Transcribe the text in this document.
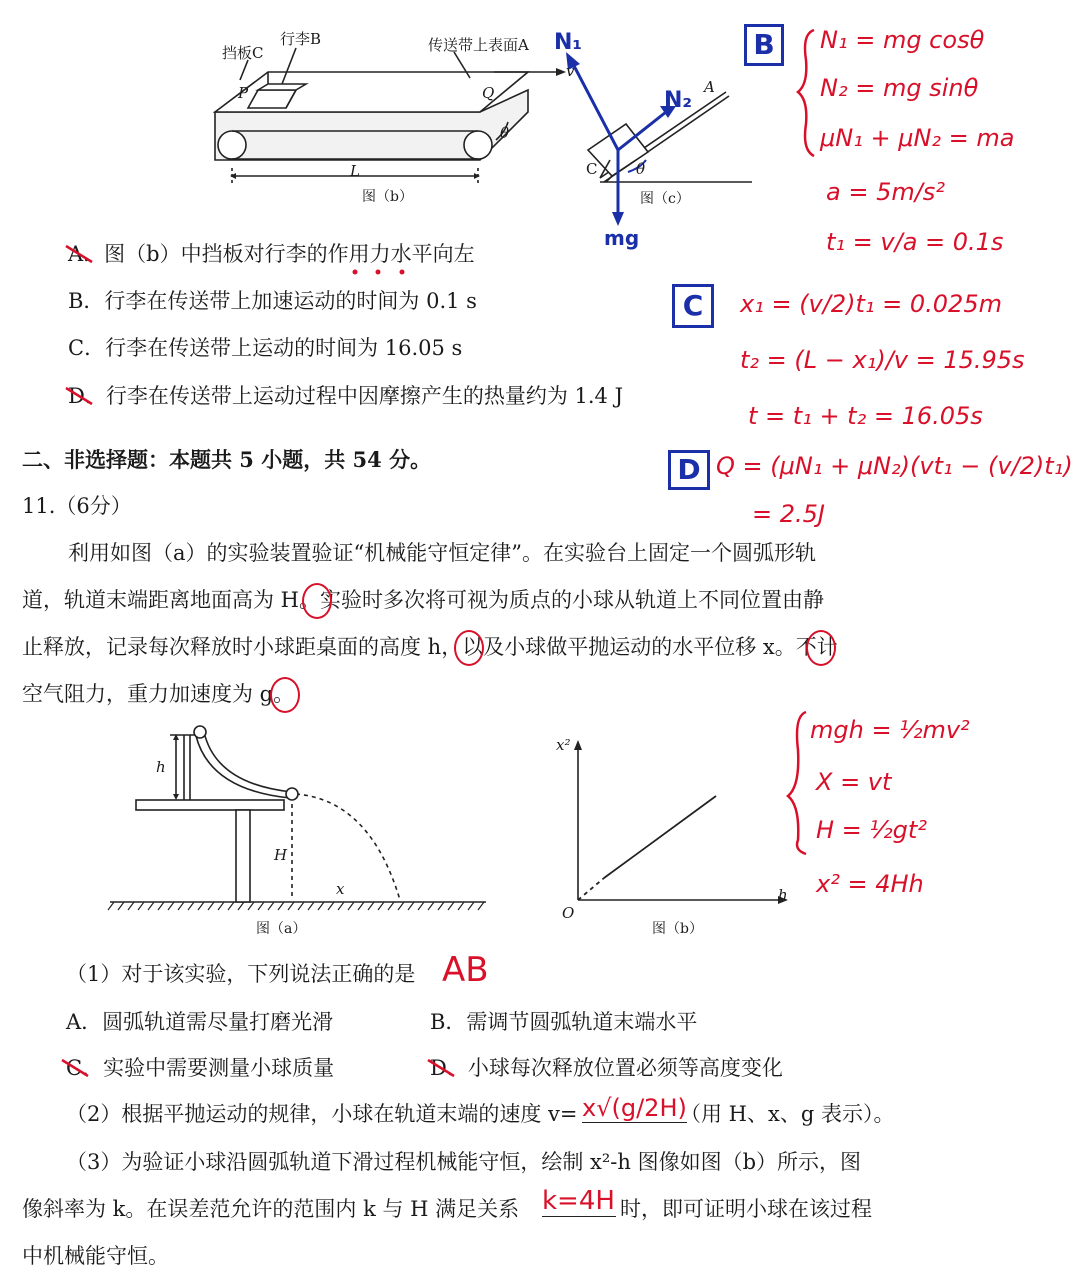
挡板C
行李B	传送带上表面A
P	Q
θ
L
图（b）
v
N₁
N₂
mg
A
C	θ
图（c）
A．图（b）中挡板对行李的作用力水平向左
B．行李在传送带上加速运动的时间为 0.1 s
C．行李在传送带上运动的时间为 16.05 s
D．行李在传送带上运动过程中因摩擦产生的热量约为 1.4 J
二、非选择题：本题共 5 小题，共 54 分。
11.（6分）
利用如图（a）的实验装置验证“机械能守恒定律”。在实验台上固定一个圆弧形轨
道，轨道末端距离地面高为 H。实验时多次将可视为质点的小球从轨道上不同位置由静
止释放，记录每次释放时小球距桌面的高度 h，以及小球做平抛运动的水平位移 x。不计
空气阻力，重力加速度为 g。
h
H
x
图（a）
x²
h
O
图（b）
（1）对于该实验，下列说法正确的是 AB
A．圆弧轨道需尽量打磨光滑	B．需调节圆弧轨道末端水平
C．实验中需要测量小球质量	D．小球每次释放位置必须等高度变化
（2）根据平抛运动的规律，小球在轨道末端的速度 v= x√(g/2H)
（用 H、x、g 表示）。
（3）为验证小球沿圆弧轨道下滑过程机械能守恒，绘制 x²-h 图像如图（b）所示，图
像斜率为 k。在误差范允许的范围内 k 与 H 满足关系 k=4H 时，即可证明小球在该过程
中机械能守恒。
B	N₁ = mg cosθ
N₂ = mg sinθ
μN₁ + μN₂ = ma
a = 5m/s²
t₁ = v/a = 0.1s
C	x₁ = (v/2)t₁ = 0.025m
t₂ = (L − x₁)/v = 15.95s
t = t₁ + t₂ = 16.05s
D Q = (μN₁ + μN₂)(vt₁ − (v/2)t₁)
= 2.5J
mgh = ½mv²
X = vt
H = ½gt²
x² = 4Hh
